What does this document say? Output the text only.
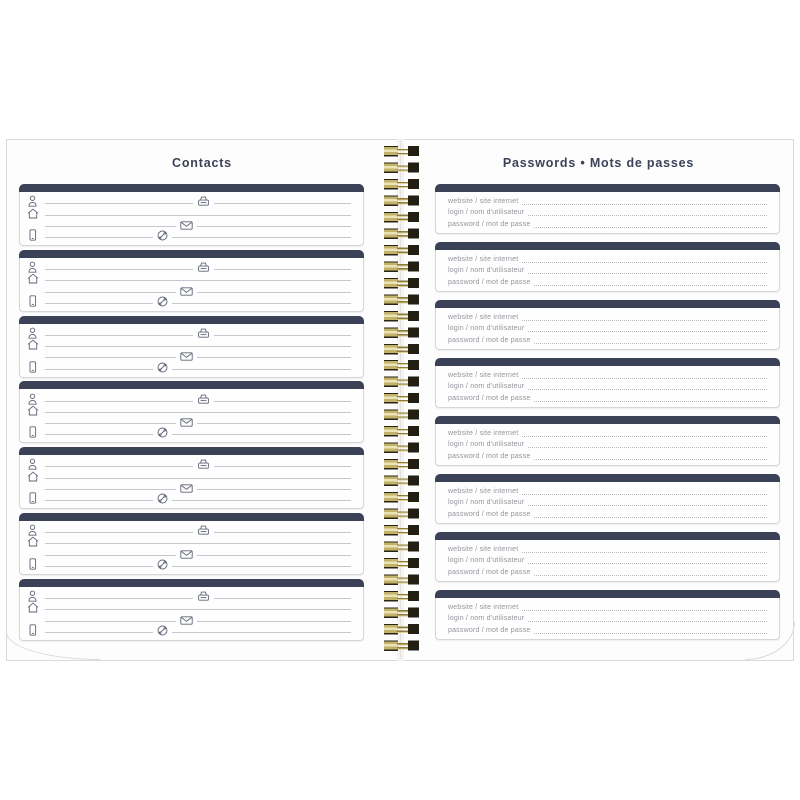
Contacts	Passwords • Mots de passes
website / site internet
login / nom d'utilisateur
password / mot de passe
website / site internet
login / nom d'utilisateur
password / mot de passe
website / site internet
login / nom d'utilisateur
password / mot de passe
website / site internet
login / nom d'utilisateur
password / mot de passe
website / site internet
login / nom d'utilisateur
password / mot de passe
website / site internet
login / nom d'utilisateur
password / mot de passe
website / site internet
login / nom d'utilisateur
password / mot de passe
website / site internet
login / nom d'utilisateur
password / mot de passe
